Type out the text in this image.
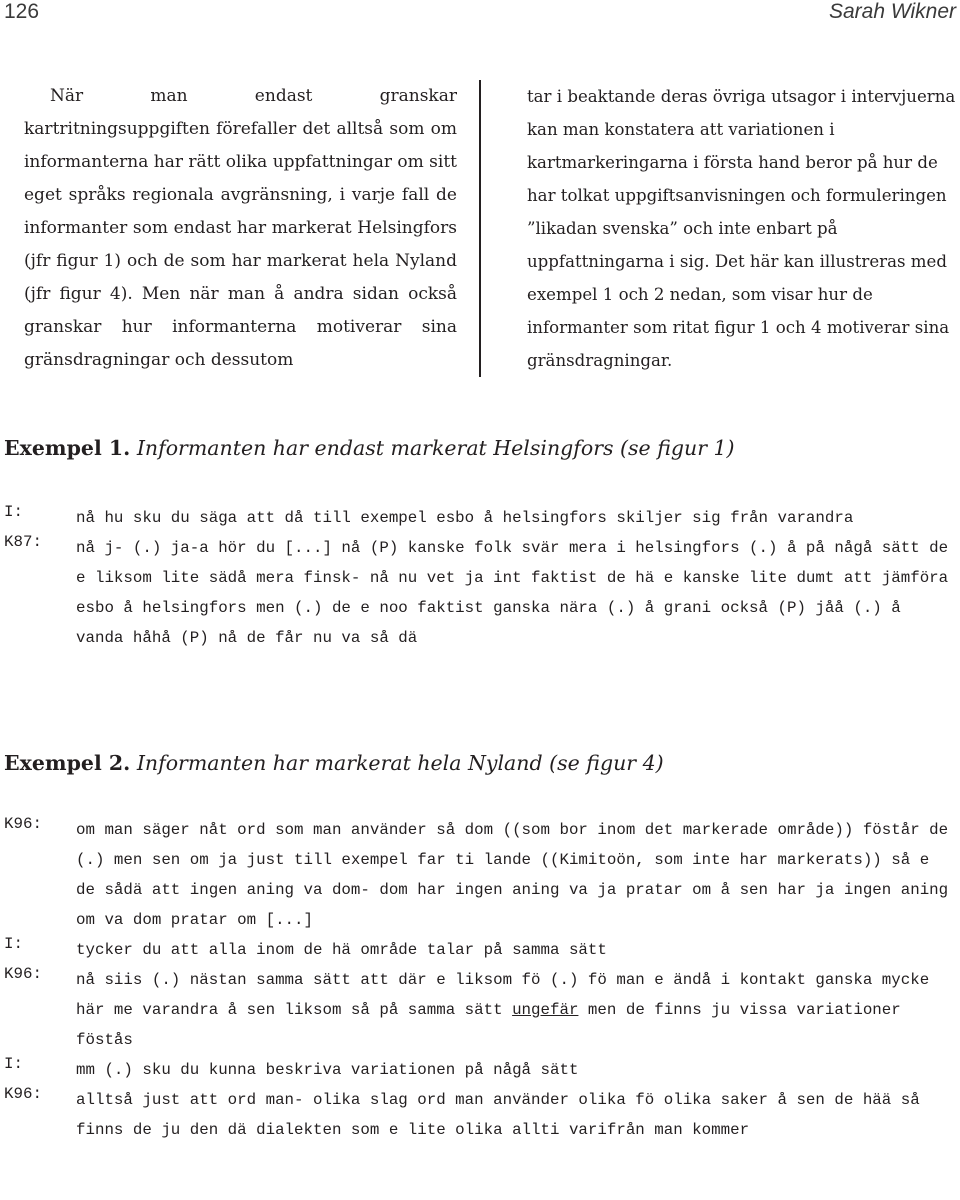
126	Sarah Wikner

När man endast granskar kartritningsuppgiften förefaller det alltså som om informanterna har rätt olika uppfattningar om sitt eget språks regionala avgränsning, i varje fall de informanter som endast har markerat Helsingfors (jfr figur 1) och de som har markerat hela Nyland (jfr figur 4). Men när man å andra sidan också granskar hur informanterna motiverar sina gränsdragningar och dessutom

tar i beaktande deras övriga utsagor i intervjuerna kan man konstatera att variationen i kartmarkeringarna i första hand beror på hur de har tolkat uppgiftsanvisningen och formuleringen ”likadan svenska” och inte enbart på uppfattningarna i sig. Det här kan illustreras med exempel 1 och 2 nedan, som visar hur de informanter som ritat figur 1 och 4 motiverar sina gränsdragningar.

Exempel 1. Informanten har endast markerat Helsingfors (se figur 1)
I:	nå hu sku du säga att då till exempel esbo å helsingfors skiljer sig från varandra
K87: nå j- (.) ja-a hör du [...] nå (P) kanske folk svär mera i helsingfors (.) å på någå sätt de e liksom lite sädå mera finsk- nå nu vet ja int faktist de hä e kanske lite dumt att jämföra esbo å helsingfors men (.) de e noo faktist ganska nära (.) å grani också (P) jåå (.) å vanda håhå (P) nå de får nu va så dä
Exempel 2. Informanten har markerat hela Nyland (se figur 4)
K96: om man säger nåt ord som man använder så dom ((som bor inom det markerade område)) föstår de (.) men sen om ja just till exempel far ti lande ((Kimitoön, som inte har markerats)) så e de sådä att ingen aning va dom- dom har ingen aning va ja pratar om å sen har ja ingen aning om va dom pratar om [...]
I:	tycker du att alla inom de hä område talar på samma sätt
K96: nå siis (.) nästan samma sätt att där e liksom fö (.) fö man e ändå i kontakt ganska mycke här me varandra å sen liksom så på samma sätt ungefär men de finns ju vissa variationer föstås
I:	mm (.) sku du kunna beskriva variationen på någå sätt
K96: alltså just att ord man- olika slag ord man använder olika fö olika saker å sen de hää så finns de ju den dä dialekten som e lite olika allti varifrån man kommer
